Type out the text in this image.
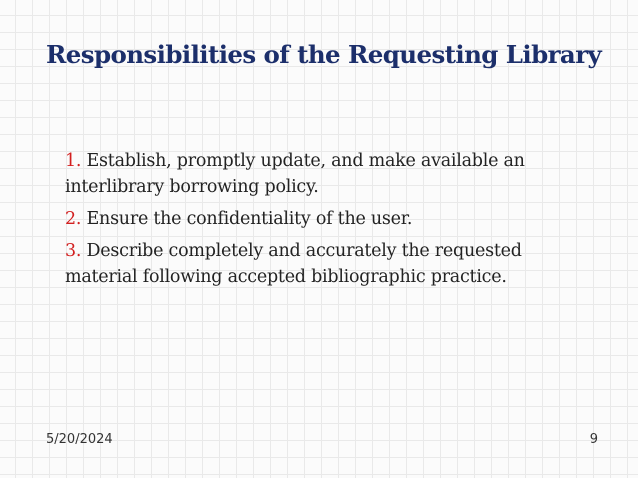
Responsibilities of the Requesting Library

1. Establish, promptly update, and make available an interlibrary borrowing policy.

2. Ensure the confidentiality of the user.

3. Describe completely and accurately the requested material following accepted bibliographic practice.

5/20/2024	9
